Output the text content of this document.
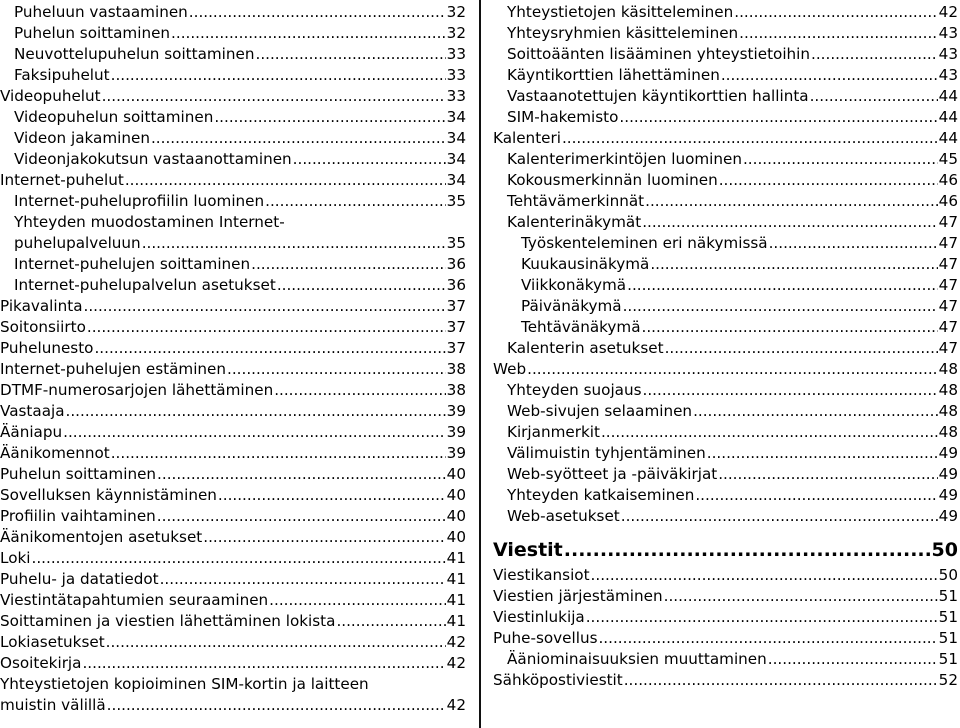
Puheluun vastaaminen .....	32
Puhelun soittaminen .....	32
Neuvottelupuhelun soittaminen .....	33
Faksipuhelut .....	33
Videopuhelut .....	33
Videopuhelun soittaminen .....	34
Videon jakaminen .....	34
Videonjakokutsun vastaanottaminen .....	34
Internet-puhelut .....	34
Internet-puheluprofiilin luominen .....	35
Yhteyden muodostaminen Internet-
puhelupalveluun .....	35
Internet-puhelujen soittaminen .....	36
Internet-puhelupalvelun asetukset .....	36
Pikavalinta .....	37
Soitonsiirto .....	37
Puhelunesto .....	37
Internet-puhelujen estäminen .....	38
DTMF-numerosarjojen lähettäminen .....	38
Vastaaja .....	39
Ääniapu .....	39
Äänikomennot .....	39
Puhelun soittaminen .....	40
Sovelluksen käynnistäminen .....	40
Profiilin vaihtaminen .....	40
Äänikomentojen asetukset .....	40
Loki .....	41
Puhelu- ja datatiedot .....	41
Viestintätapahtumien seuraaminen .....	41
Soittaminen ja viestien lähettäminen lokista .....	41
Lokiasetukset .....	42
Osoitekirja .....	42
Yhteystietojen kopioiminen SIM-kortin ja laitteen
muistin välillä .....	42
Yhteystietojen käsitteleminen .....	42
Yhteysryhmien käsitteleminen .....	43
Soittoäänten lisääminen yhteystietoihin .....	43
Käyntikorttien lähettäminen .....	43
Vastaanotettujen käyntikorttien hallinta .....	44
SIM-hakemisto .....	44
Kalenteri .....	44
Kalenterimerkintöjen luominen .....	45
Kokousmerkinnän luominen .....	46
Tehtävämerkinnät .....	46
Kalenterinäkymät .....	47
Työskenteleminen eri näkymissä .....	47
Kuukausinäkymä .....	47
Viikkonäkymä .....	47
Päivänäkymä .....	47
Tehtävänäkymä .....	47
Kalenterin asetukset .....	47
Web .....	48
Yhteyden suojaus .....	48
Web-sivujen selaaminen .....	48
Kirjanmerkit .....	48
Välimuistin tyhjentäminen .....	49
Web-syötteet ja -päiväkirjat .....	49
Yhteyden katkaiseminen .....	49
Web-asetukset .....	49
Viestit .....	50
Viestikansiot .....	50
Viestien järjestäminen .....	51
Viestinlukija .....	51
Puhe-sovellus .....	51
Ääniominaisuuksien muuttaminen .....	51
Sähköpostiviestit .....	52
